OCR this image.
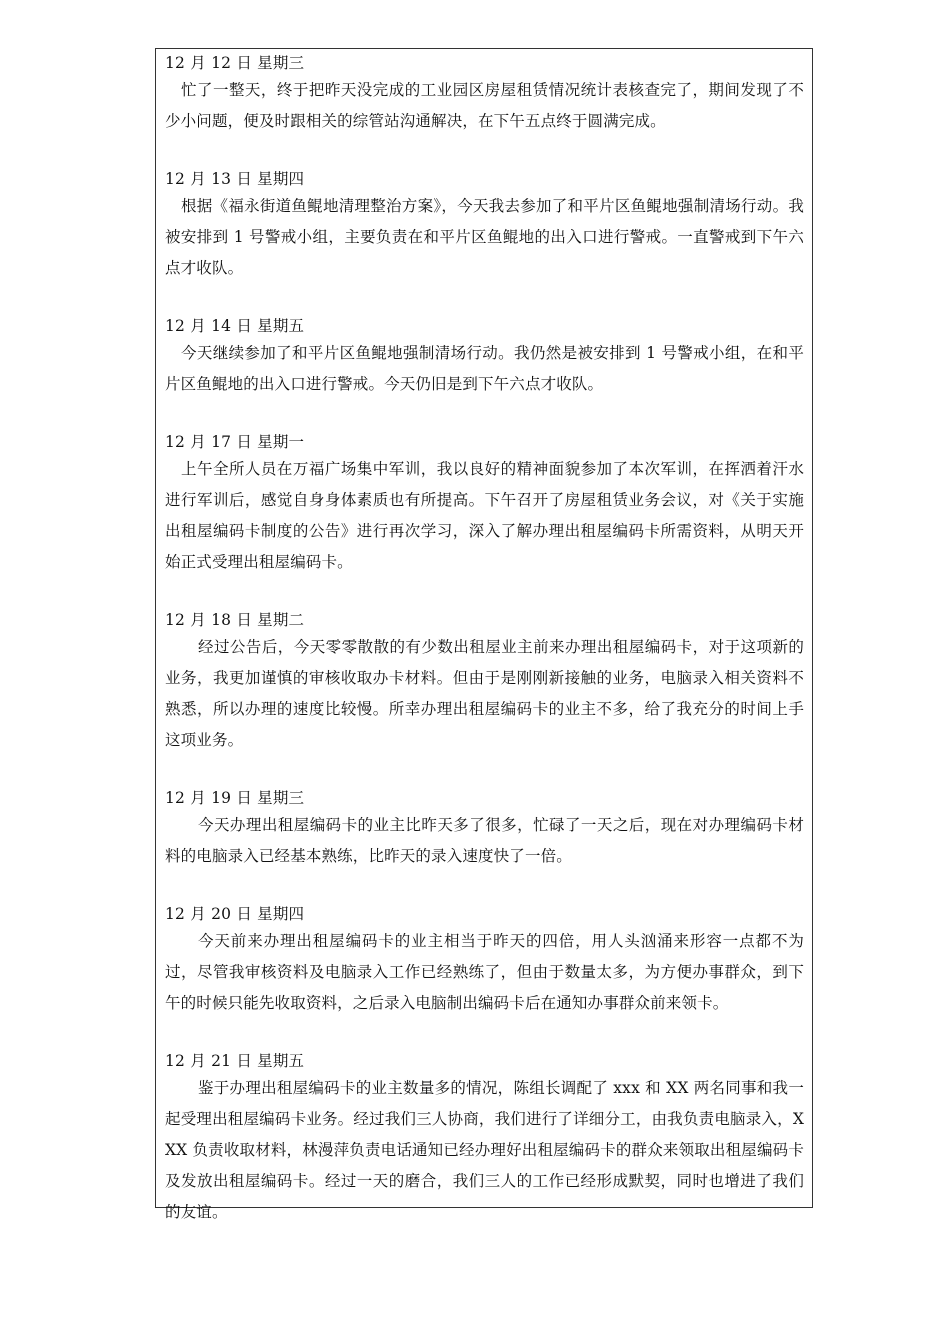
12 月 12 日 星期三
忙了一整天，终于把昨天没完成的工业园区房屋租赁情况统计表核查完了，期间发现了不少小问题，便及时跟相关的综管站沟通解决，在下午五点终于圆满完成。
12 月 13 日 星期四
根据《福永街道鱼鲲地清理整治方案》，今天我去参加了和平片区鱼鲲地强制清场行动。我被安排到 1 号警戒小组，主要负责在和平片区鱼鲲地的出入口进行警戒。一直警戒到下午六点才收队。
12 月 14 日 星期五
今天继续参加了和平片区鱼鲲地强制清场行动。我仍然是被安排到 1 号警戒小组，在和平片区鱼鲲地的出入口进行警戒。今天仍旧是到下午六点才收队。
12 月 17 日 星期一
上午全所人员在万福广场集中军训，我以良好的精神面貌参加了本次军训，在挥洒着汗水进行军训后，感觉自身身体素质也有所提高。下午召开了房屋租赁业务会议，对《关于实施出租屋编码卡制度的公告》进行再次学习，深入了解办理出租屋编码卡所需资料，从明天开始正式受理出租屋编码卡。
12 月 18 日 星期二
经过公告后，今天零零散散的有少数出租屋业主前来办理出租屋编码卡，对于这项新的业务，我更加谨慎的审核收取办卡材料。但由于是刚刚新接触的业务，电脑录入相关资料不熟悉，所以办理的速度比较慢。所幸办理出租屋编码卡的业主不多，给了我充分的时间上手这项业务。
12 月 19 日 星期三
今天办理出租屋编码卡的业主比昨天多了很多，忙碌了一天之后，现在对办理编码卡材料的电脑录入已经基本熟练，比昨天的录入速度快了一倍。
12 月 20 日 星期四
今天前来办理出租屋编码卡的业主相当于昨天的四倍，用人头汹涌来形容一点都不为过，尽管我审核资料及电脑录入工作已经熟练了，但由于数量太多，为方便办事群众，到下午的时候只能先收取资料，之后录入电脑制出编码卡后在通知办事群众前来领卡。
12 月 21 日 星期五
鉴于办理出租屋编码卡的业主数量多的情况，陈组长调配了 xxx 和 XX 两名同事和我一起受理出租屋编码卡业务。经过我们三人协商，我们进行了详细分工，由我负责电脑录入，XXX 负责收取材料，林漫萍负责电话通知已经办理好出租屋编码卡的群众来领取出租屋编码卡及发放出租屋编码卡。经过一天的磨合，我们三人的工作已经形成默契，同时也增进了我们的友谊。
